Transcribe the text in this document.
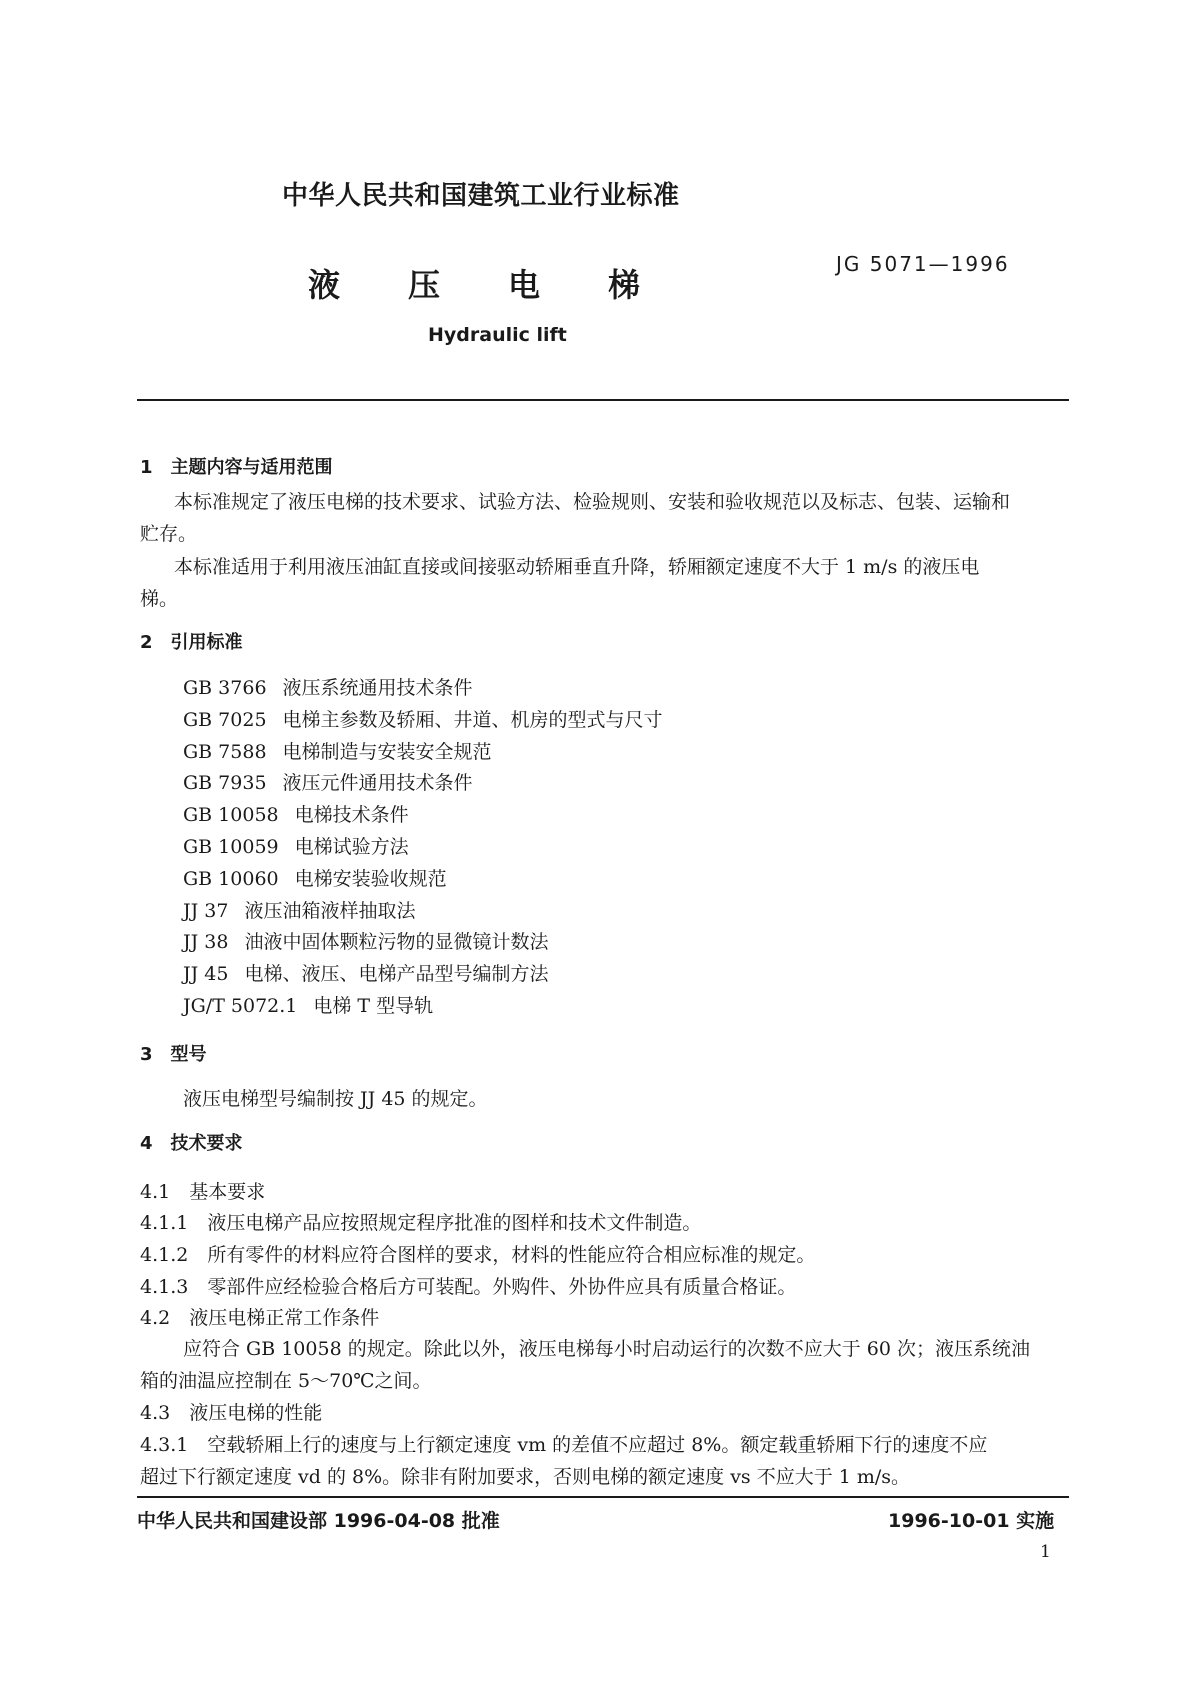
中华人民共和国建筑工业行业标准
液压电梯
JG 5071—1996
Hydraulic lift
1　主题内容与适用范围
本标准规定了液压电梯的技术要求、试验方法、检验规则、安装和验收规范以及标志、包装、运输和
贮存。
本标准适用于利用液压油缸直接或间接驱动轿厢垂直升降，轿厢额定速度不大于 1 m/s 的液压电
梯。
2　引用标准
GB 3766 液压系统通用技术条件
GB 7025 电梯主参数及轿厢、井道、机房的型式与尺寸
GB 7588 电梯制造与安装安全规范
GB 7935 液压元件通用技术条件
GB 10058 电梯技术条件
GB 10059 电梯试验方法
GB 10060 电梯安装验收规范
JJ 37 液压油箱液样抽取法
JJ 38 油液中固体颗粒污物的显微镜计数法
JJ 45 电梯、液压、电梯产品型号编制方法
JG/T 5072.1 电梯 T 型导轨
3　型号
液压电梯型号编制按 JJ 45 的规定。
4　技术要求
4.1　基本要求
4.1.1　液压电梯产品应按照规定程序批准的图样和技术文件制造。
4.1.2　所有零件的材料应符合图样的要求，材料的性能应符合相应标准的规定。
4.1.3　零部件应经检验合格后方可装配。外购件、外协件应具有质量合格证。
4.2　液压电梯正常工作条件
应符合 GB 10058 的规定。除此以外，液压电梯每小时启动运行的次数不应大于 60 次；液压系统油
箱的油温应控制在 5～70℃之间。
4.3　液压电梯的性能
4.3.1　空载轿厢上行的速度与上行额定速度 vm 的差值不应超过 8%。额定载重轿厢下行的速度不应
超过下行额定速度 vd 的 8%。除非有附加要求，否则电梯的额定速度 vs 不应大于 1 m/s。
中华人民共和国建设部 1996-04-08 批准	1996-10-01 实施
1
